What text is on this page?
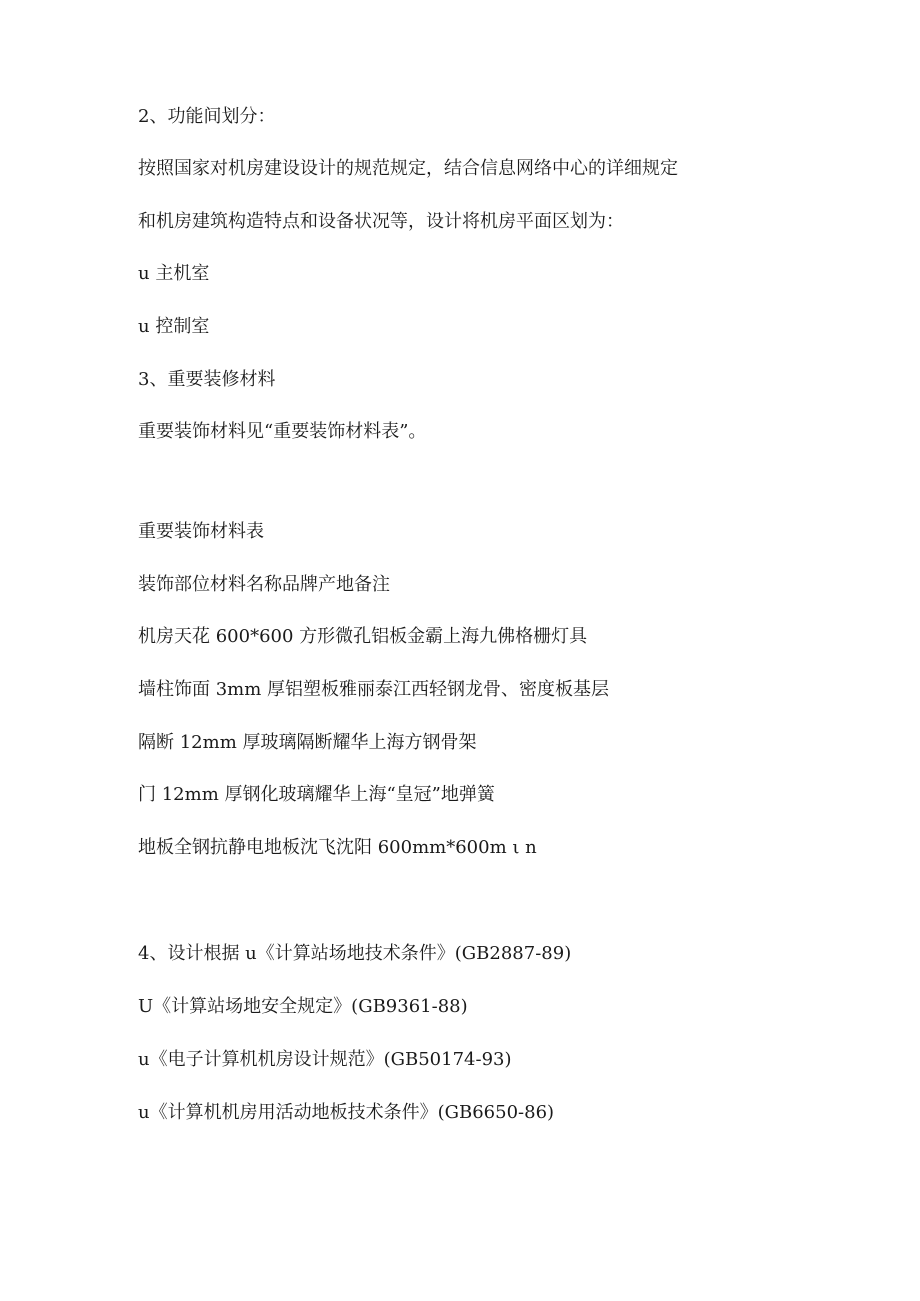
2、功能间划分：

按照国家对机房建设设计的规范规定，结合信息网络中心的详细规定

和机房建筑构造特点和设备状况等，设计将机房平面区划为：

u 主机室

u 控制室

3、重要装修材料

重要装饰材料见“重要装饰材料表”。

重要装饰材料表

装饰部位材料名称品牌产地备注

机房天花 600*600 方形微孔铝板金霸上海九佛格栅灯具

墙柱饰面 3mm 厚铝塑板雅丽泰江西轻钢龙骨、密度板基层

隔断 12mm 厚玻璃隔断耀华上海方钢骨架

门 12mm 厚钢化玻璃耀华上海“皇冠”地弹簧

地板全钢抗静电地板沈飞沈阳 600mm*600m ι n

4、设计根据 u《计算站场地技术条件》(GB2887-89)

U《计算站场地安全规定》(GB9361-88)

u《电子计算机机房设计规范》(GB50174-93)

u《计算机机房用活动地板技术条件》(GB6650-86)
